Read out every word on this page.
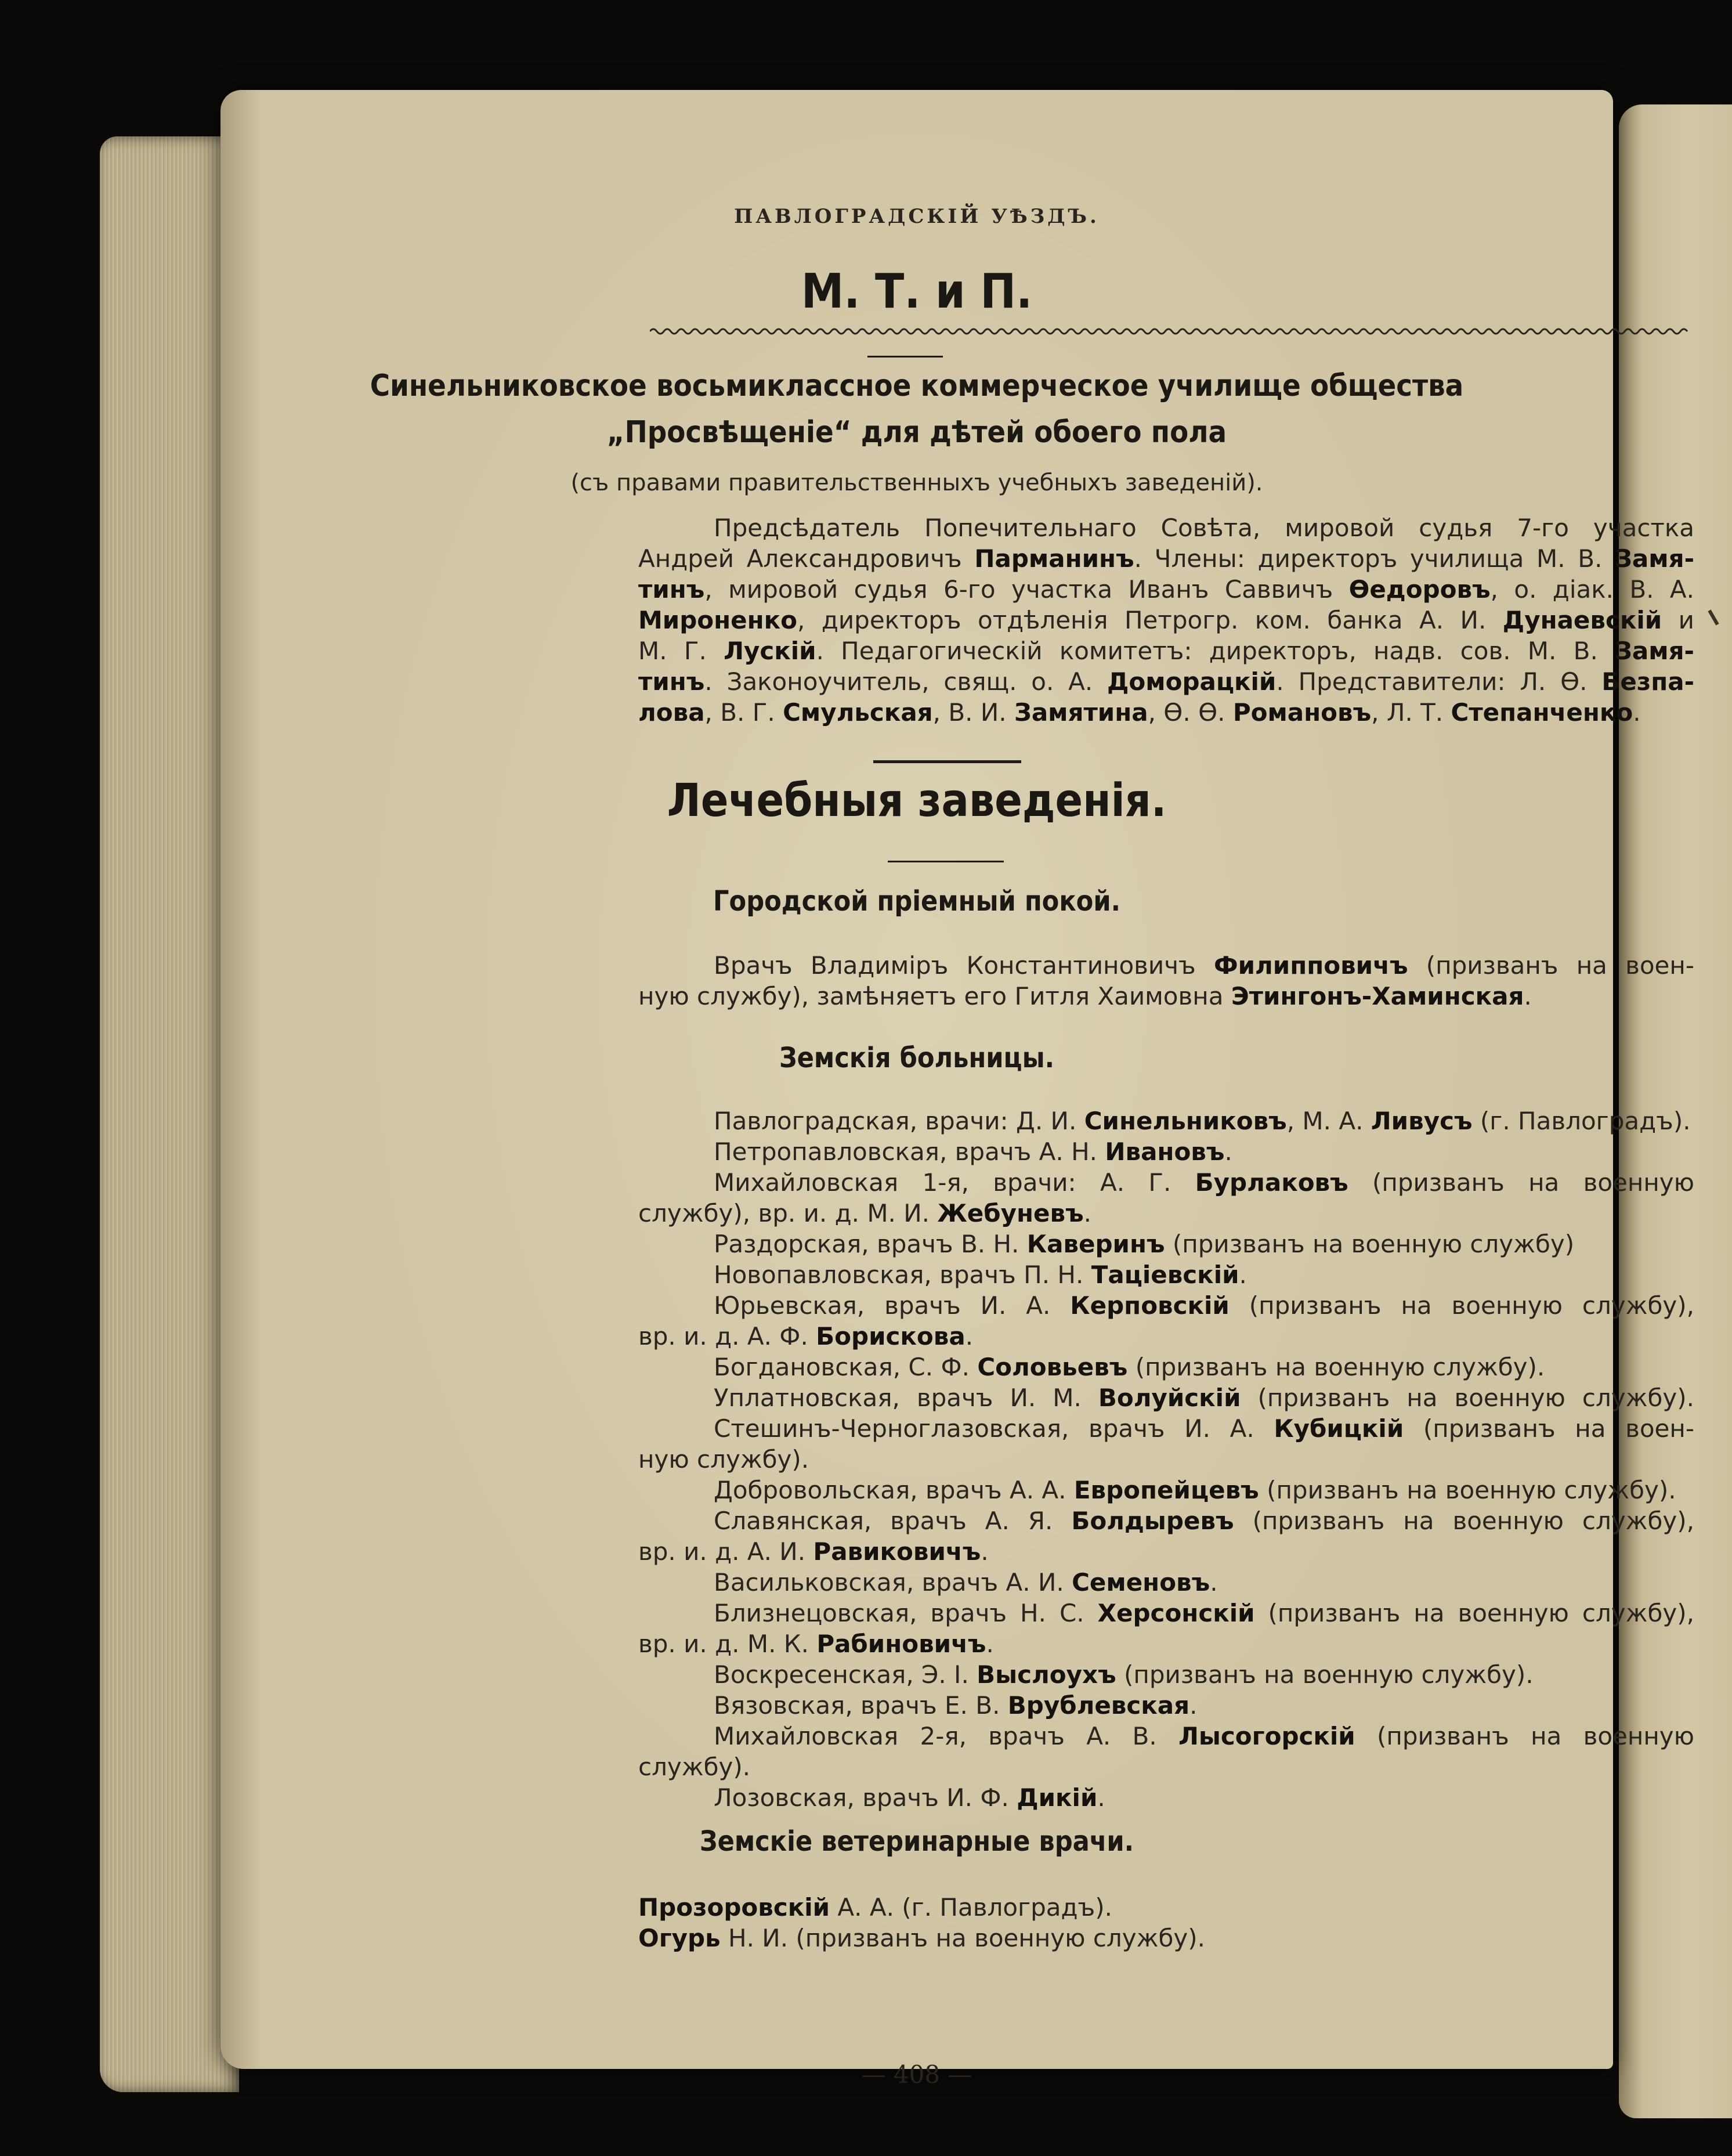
ПАВЛОГРАДСКІЙ УѢЗДЪ.
М. Т. и П.
Синельниковское восьмиклассное коммерческое училище общества
„Просвѣщеніе“ для дѣтей обоего пола
(съ правами правительственныхъ учебныхъ заведеній).
Предсѣдатель Попечительнаго Совѣта, мировой судья 7-го участка
Андрей Александровичъ Парманинъ. Члены: директоръ училища М. В. Замя-
тинъ, мировой судья 6-го участка Иванъ Саввичъ Ѳедоровъ, о. діак. В. А.
Мироненко, директоръ отдѣленія Петрогр. ком. банка А. И. Дунаевскій и
М. Г. Лускій. Педагогическій комитетъ: директоръ, надв. сов. М. В. Замя-
тинъ. Законоучитель, свящ. о. А. Доморацкій. Представители: Л. Ѳ. Безпа-
лова, В. Г. Смульская, В. И. Замятина, Ѳ. Ѳ. Романовъ, Л. Т. Степанченко.
Лечебныя заведенія.
Городской пріемный покой.
Врачъ Владиміръ Константиновичъ Филипповичъ (призванъ на воен-
ную службу), замѣняетъ его Гитля Хаимовна Этингонъ-Хаминская.
Земскія больницы.
Павлоградская, врачи: Д. И. Синельниковъ, М. А. Ливусъ (г. Павлоградъ).
Петропавловская, врачъ А. Н. Ивановъ.
Михайловская 1-я, врачи: А. Г. Бурлаковъ (призванъ на военную
службу), вр. и. д. М. И. Жебуневъ.
Раздорская, врачъ В. Н. Каверинъ (призванъ на военную службу)
Новопавловская, врачъ П. Н. Таціевскій.
Юрьевская, врачъ И. А. Керповскій (призванъ на военную службу),
вр. и. д. А. Ф. Борискова.
Богдановская, С. Ф. Соловьевъ (призванъ на военную службу).
Уплатновская, врачъ И. М. Волуйскій (призванъ на военную службу).
Стешинъ-Черноглазовская, врачъ И. А. Кубицкій (призванъ на воен-
ную службу).
Добровольская, врачъ А. А. Европейцевъ (призванъ на военную службу).
Славянская, врачъ А. Я. Болдыревъ (призванъ на военную службу),
вр. и. д. А. И. Равиковичъ.
Васильковская, врачъ А. И. Семеновъ.
Близнецовская, врачъ Н. С. Херсонскій (призванъ на военную службу),
вр. и. д. М. К. Рабиновичъ.
Воскресенская, Э. І. Выслоухъ (призванъ на военную службу).
Вязовская, врачъ Е. В. Врублевская.
Михайловская 2-я, врачъ А. В. Лысогорскій (призванъ на военную
службу).
Лозовская, врачъ И. Ф. Дикій.
Земскіе ветеринарные врачи.
Прозоровскій А. А. (г. Павлоградъ).
Огурь Н. И. (призванъ на военную службу).
— 408 —
